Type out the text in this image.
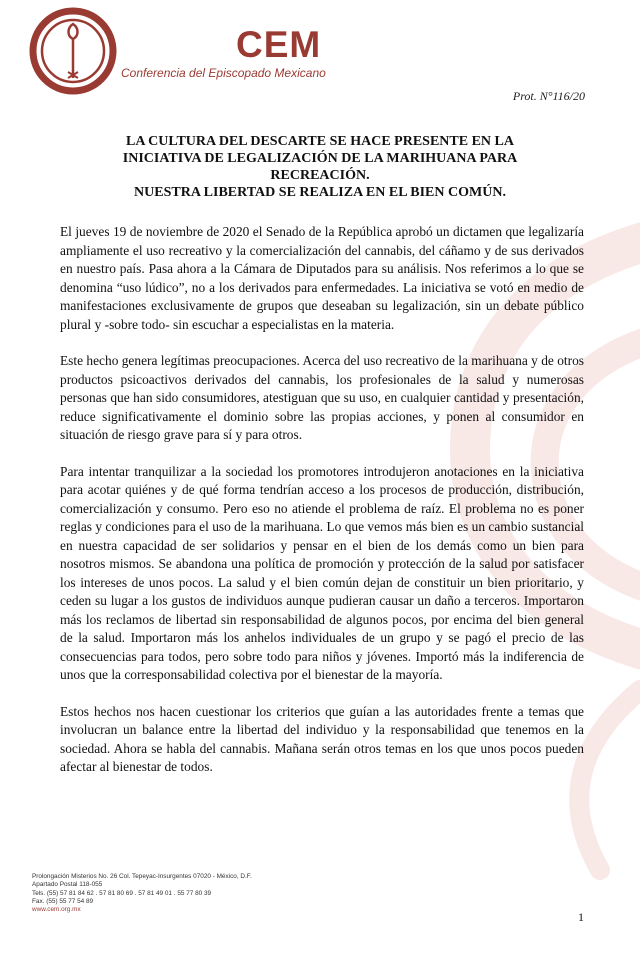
CEM
Conferencia del Episcopado Mexicano
Prot. N°116/20
LA CULTURA DEL DESCARTE SE HACE PRESENTE EN LA
INICIATIVA DE LEGALIZACIÓN DE LA MARIHUANA PARA
RECREACIÓN.
NUESTRA LIBERTAD SE REALIZA EN EL BIEN COMÚN.

El jueves 19 de noviembre de 2020 el Senado de la República aprobó un dictamen que legalizaría ampliamente el uso recreativo y la comercialización del cannabis, del cáñamo y de sus derivados en nuestro país. Pasa ahora a la Cámara de Diputados para su análisis. Nos referimos a lo que se denomina “uso lúdico”, no a los derivados para enfermedades. La iniciativa se votó en medio de manifestaciones exclusivamente de grupos que deseaban su legalización, sin un debate público plural y -sobre todo- sin escuchar a especialistas en la materia.

Este hecho genera legítimas preocupaciones. Acerca del uso recreativo de la marihuana y de otros productos psicoactivos derivados del cannabis, los profesionales de la salud y numerosas personas que han sido consumidores, atestiguan que su uso, en cualquier cantidad y presentación, reduce significativamente el dominio sobre las propias acciones, y ponen al consumidor en situación de riesgo grave para sí y para otros.

Para intentar tranquilizar a la sociedad los promotores introdujeron anotaciones en la iniciativa para acotar quiénes y de qué forma tendrían acceso a los procesos de producción, distribución, comercialización y consumo. Pero eso no atiende el problema de raíz. El problema no es poner reglas y condiciones para el uso de la marihuana. Lo que vemos más bien es un cambio sustancial en nuestra capacidad de ser solidarios y pensar en el bien de los demás como un bien para nosotros mismos. Se abandona una política de promoción y protección de la salud por satisfacer los intereses de unos pocos. La salud y el bien común dejan de constituir un bien prioritario, y ceden su lugar a los gustos de individuos aunque pudieran causar un daño a terceros. Importaron más los reclamos de libertad sin responsabilidad de algunos pocos, por encima del bien general de la salud. Importaron más los anhelos individuales de un grupo y se pagó el precio de las consecuencias para todos, pero sobre todo para niños y jóvenes. Importó más la indiferencia de unos que la corresponsabilidad colectiva por el bienestar de la mayoría.

Estos hechos nos hacen cuestionar los criterios que guían a las autoridades frente a temas que involucran un balance entre la libertad del individuo y la responsabilidad que tenemos en la sociedad. Ahora se habla del cannabis. Mañana serán otros temas en los que unos pocos pueden afectar al bienestar de todos.

Prolongación Misterios No. 26 Col. Tepeyac-Insurgentes 07020 - México, D.F.
Apartado Postal 118-055
Tels. (55) 57 81 84 62 . 57 81 80 69 . 57 81 49 01 . 55 77 80 39
Fax. (55) 55 77 54 89
www.cem.org.mx
1
